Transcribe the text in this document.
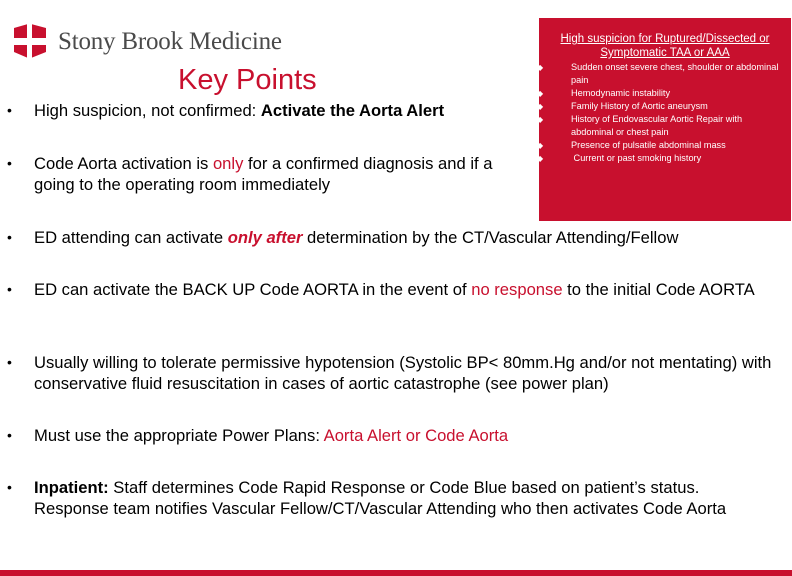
Stony Brook Medicine
Key Points
• High suspicion, not confirmed: Activate the Aorta Alert
• Code Aorta activation is only for a confirmed diagnosis and if a
going to the operating room immediately
• ED attending can activate only after determination by the CT/Vascular Attending/Fellow
• ED can activate the BACK UP Code AORTA in the event of no response to the initial Code AORTA
• Usually willing to tolerate permissive hypotension (Systolic BP< 80mm.Hg and/or not mentating) with conservative fluid resuscitation in cases of aortic catastrophe (see power plan)
• Must use the appropriate Power Plans: Aorta Alert or Code Aorta
• Inpatient: Staff determines Code Rapid Response or Code Blue based on patient’s status. Response team notifies Vascular Fellow/CT/Vascular Attending who then activates Code Aorta
High suspicion for Ruptured/Dissected or Symptomatic TAA or AAA
◆	Sudden onset severe chest, shoulder or abdominal pain
◆	Hemodynamic instability
◆	Family History of Aortic aneurysm
◆	History of Endovascular Aortic Repair with abdominal or chest pain
◆	Presence of pulsatile abdominal mass
◆	Current or past smoking history
